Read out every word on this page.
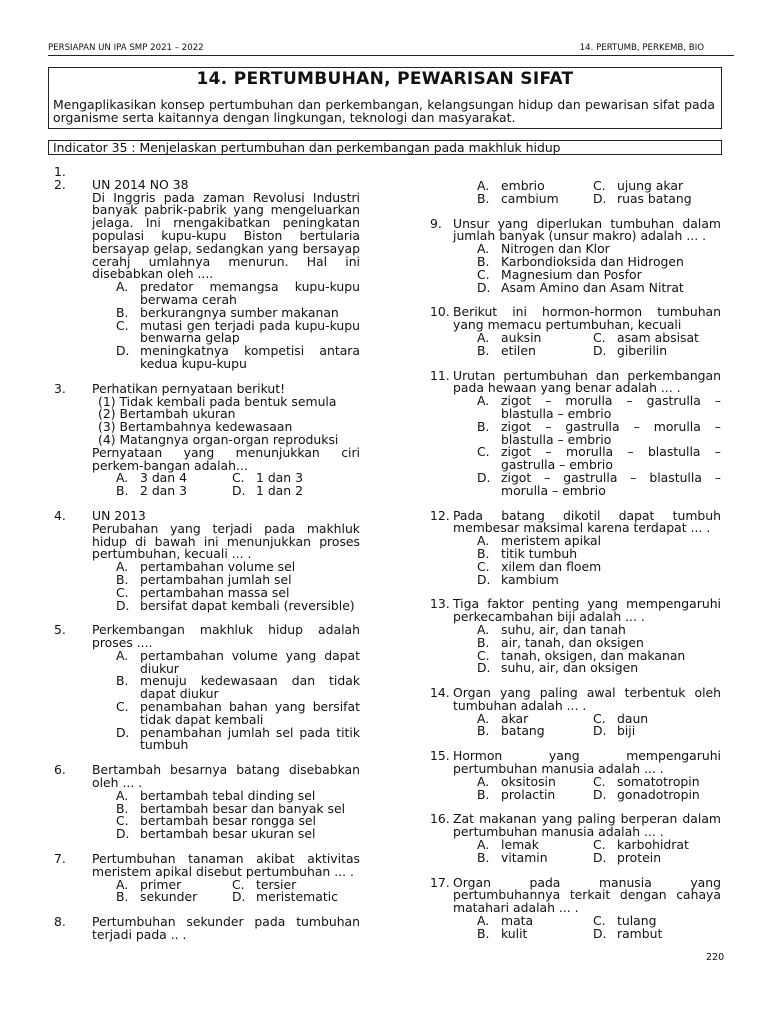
PERSIAPAN UN IPA SMP 2021 – 2022	14. PERTUMB, PERKEMB, BIO
14. PERTUMBUHAN, PEWARISAN SIFAT
Mengaplikasikan konsep pertumbuhan dan perkembangan, kelangsungan hidup dan pewarisan sifat pada organisme serta kaitannya dengan lingkungan, teknologi dan masyarakat.
Indicator 35 : Menjelaskan pertumbuhan dan perkembangan pada makhluk hidup
1.

2. UN 2014 NO 38
Di Inggris pada zaman Revolusi Industri banyak pabrik-pabrik yang mengeluarkan jelaga. Ini rnengakibatkan peningkatan populasi kupu-kupu Biston bertularia bersayap gelap, sedangkan yang bersayap cerahj umlahnya menurun. Hal ini disebabkan oleh ....
A. predator memangsa kupu-kupu berwama cerah
B. berkurangnya sumber makanan
C. mutasi gen terjadi pada kupu-kupu benwarna gelap
D. meningkatnya kompetisi antara kedua kupu-kupu
3. Perhatikan pernyataan berikut!
(1) Tidak kembali pada bentuk semula
(2) Bertambah ukuran
(3) Bertambahnya kedewasaan
(4) Matangnya organ-organ reproduksi
Pernyataan yang menunjukkan ciri perkem-bangan adalah...
A. 3 dan 4	C. 1 dan 3
B. 2 dan 3	D. 1 dan 2
4. UN 2013
Perubahan yang terjadi pada makhluk hidup di bawah ini menunjukkan proses pertumbuhan, kecuali ... .
A. pertambahan volume sel
B. pertambahan jumlah sel
C. pertambahan massa sel
D. bersifat dapat kembali (reversible)
5. Perkembangan makhluk hidup adalah proses ....
A. pertambahan volume yang dapat diukur
B. menuju kedewasaan dan tidak dapat diukur
C. penambahan bahan yang bersifat tidak dapat kembali
D. penambahan jumlah sel pada titik tumbuh
6. Bertambah besarnya batang disebabkan oleh ... .
A. bertambah tebal dinding sel
B. bertambah besar dan banyak sel
C. bertambah besar rongga sel
D. bertambah besar ukuran sel
7. Pertumbuhan tanaman akibat aktivitas meristem apikal disebut pertumbuhan ... .
A. primer	C. tersier
B. sekunder	D. meristematic
8. Pertumbuhan sekunder pada tumbuhan terjadi pada .. .
A. embrio	C. ujung akar
B. cambium	D. ruas batang
9. Unsur yang diperlukan tumbuhan dalam jumlah banyak (unsur makro) adalah ... .
A. Nitrogen dan Klor
B. Karbondioksida dan Hidrogen
C. Magnesium dan Posfor
D. Asam Amino dan Asam Nitrat
10. Berikut ini hormon-hormon tumbuhan yang memacu pertumbuhan, kecuali
A. auksin	C. asam absisat
B. etilen	D. giberilin
11. Urutan pertumbuhan dan perkembangan pada hewaan yang benar adalah ... .
A. zigot – morulla – gastrulla – blastulla – embrio
B. zigot – gastrulla – morulla – blastulla – embrio
C. zigot – morulla – blastulla – gastrulla – embrio
D. zigot – gastrulla – blastulla – morulla – embrio
12. Pada batang dikotil dapat tumbuh membesar maksimal karena terdapat ... .
A. meristem apikal
B. titik tumbuh
C. xilem dan floem
D. kambium
13. Tiga faktor penting yang mempengaruhi perkecambahan biji adalah ... .
A. suhu, air, dan tanah
B. air, tanah, dan oksigen
C. tanah, oksigen, dan makanan
D. suhu, air, dan oksigen
14. Organ yang paling awal terbentuk oleh tumbuhan adalah ... .
A. akar	C. daun
B. batang	D. biji
15. Hormon yang mempengaruhi pertumbuhan manusia adalah ... .
A. oksitosin	C. somatotropin
B. prolactin	D. gonadotropin
16. Zat makanan yang paling berperan dalam pertumbuhan manusia adalah ... .
A. lemak	C. karbohidrat
B. vitamin	D. protein
17. Organ pada manusia yang pertumbuhannya terkait dengan cahaya matahari adalah ... .
A. mata	C. tulang
B. kulit	D. rambut
220
